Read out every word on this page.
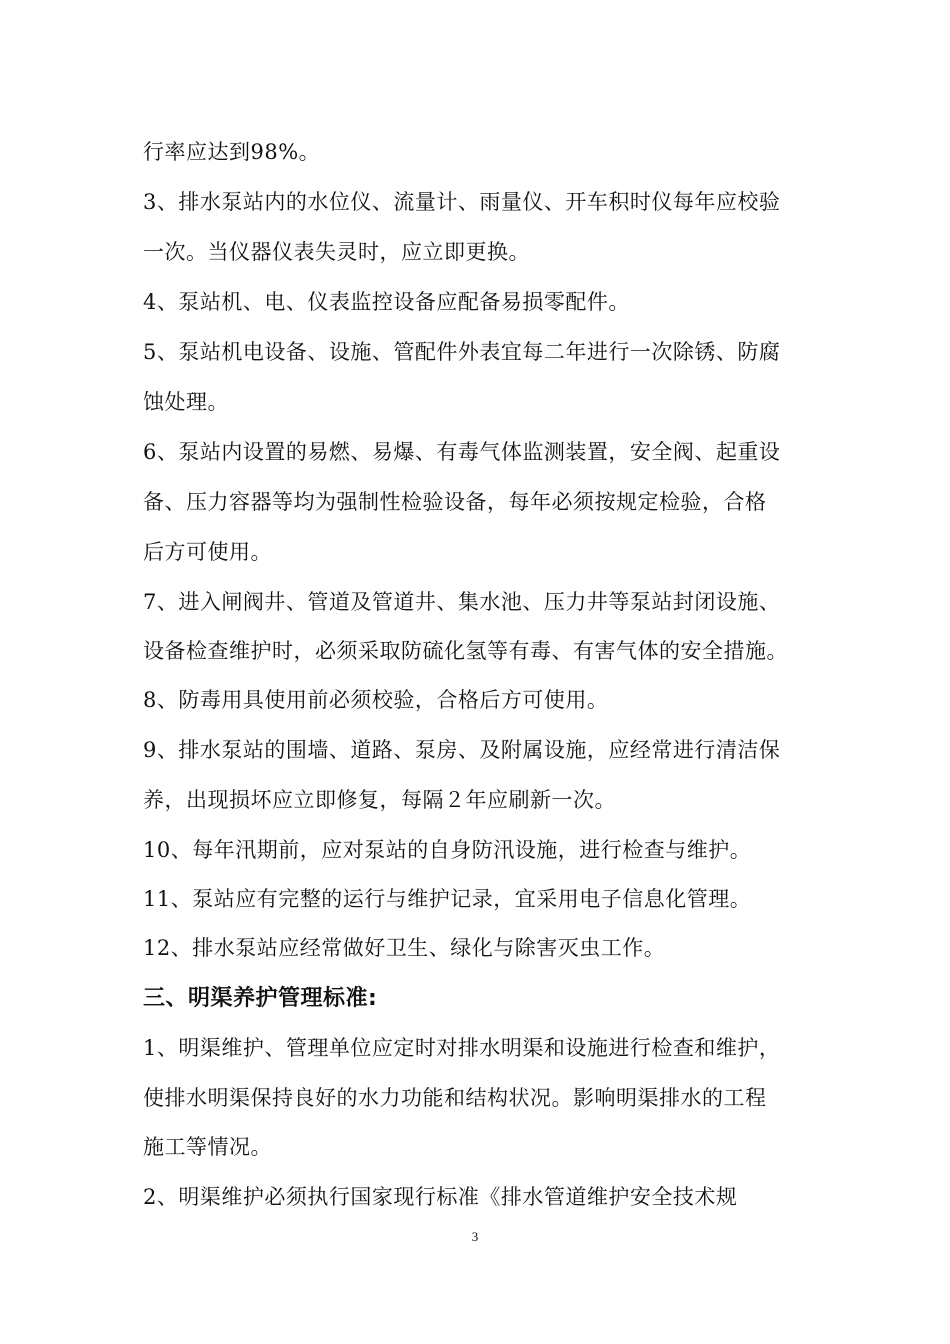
行率应达到98%。
3、排水泵站内的水位仪、流量计、雨量仪、开车积时仪每年应校验
一次。当仪器仪表失灵时，应立即更换。
4、泵站机、电、仪表监控设备应配备易损零配件。
5、泵站机电设备、设施、管配件外表宜每二年进行一次除锈、防腐
蚀处理。
6、泵站内设置的易燃、易爆、有毒气体监测装置，安全阀、起重设
备、压力容器等均为强制性检验设备，每年必须按规定检验，合格
后方可使用。
7、进入闸阀井、管道及管道井、集水池、压力井等泵站封闭设施、
设备检查维护时，必须采取防硫化氢等有毒、有害气体的安全措施。
8、防毒用具使用前必须校验，合格后方可使用。
9、排水泵站的围墙、道路、泵房、及附属设施，应经常进行清洁保
养，出现损坏应立即修复，每隔２年应刷新一次。
10、每年汛期前，应对泵站的自身防汛设施，进行检查与维护。
11、泵站应有完整的运行与维护记录，宜采用电子信息化管理。
12、排水泵站应经常做好卫生、绿化与除害灭虫工作。
三、明渠养护管理标准:
1、明渠维护、管理单位应定时对排水明渠和设施进行检查和维护，
使排水明渠保持良好的水力功能和结构状况。影响明渠排水的工程
施工等情况。
2、明渠维护必须执行国家现行标准《排水管道维护安全技术规
3
